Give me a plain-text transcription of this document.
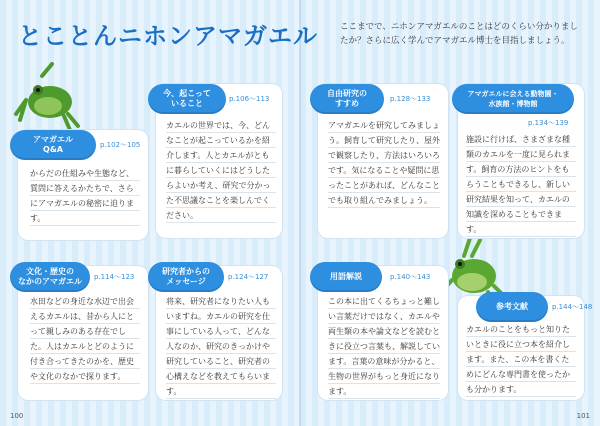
とことんニホンアマガエル	ここまでで、ニホンアマガエルのことはどのくらい分かりましたか？さらに広く学んでアマガエル博士を目指しましょう。
アマガエル
Q&A	p.102〜105
からだの仕組みや生態など、質問に答えるかたちで、さらにアマガエルの秘密に迫ります。
今、起こって
いること	p.106〜113
カエルの世界では、今、どんなことが起こっているかを紹介します。人とカエルがともに暮らしていくにはどうしたらよいか考え、研究で分かった不思議なことを楽しんでください。
自由研究の
すすめ	p.128〜133
アマガエルを研究してみましょう。飼育して研究したり、屋外で観察したり、方法はいろいろです。気になることや疑問に思ったことがあれば、どんなことでも取り組んでみましょう。
アマガエルに会える動物園・
水族館・博物館
p.134〜139
施設に行けば、さまざまな種類のカエルを一度に見られます。飼育の方法のヒントをもらうこともできるし、新しい研究結果を知って、カエルの知識を深めることもできます。
文化・歴史の
なかのアマガエル	p.114〜123
水田などの身近な水辺で出会えるカエルは、昔から人にとって親しみのある存在でした。人はカエルとどのように付き合ってきたのかを、歴史や文化のなかで探ります。
研究者からの
メッセージ	p.124〜127
将来、研究者になりたい人もいますね。カエルの研究を仕事にしている人って、どんな人なのか、研究のきっかけや研究していること、研究者の心構えなどを教えてもらいます。
用語解説	p.140〜143
この本に出てくるちょっと難しい言葉だけではなく、カエルや両生類の本や論文などを読むときに役立つ言葉も、解説しています。言葉の意味が分かると、生物の世界がもっと身近になります。
参考文献	p.144〜148
カエルのことをもっと知りたいときに役に立つ本を紹介します。また、この本を書くためにどんな専門書を使ったかも分かります。
100	101
